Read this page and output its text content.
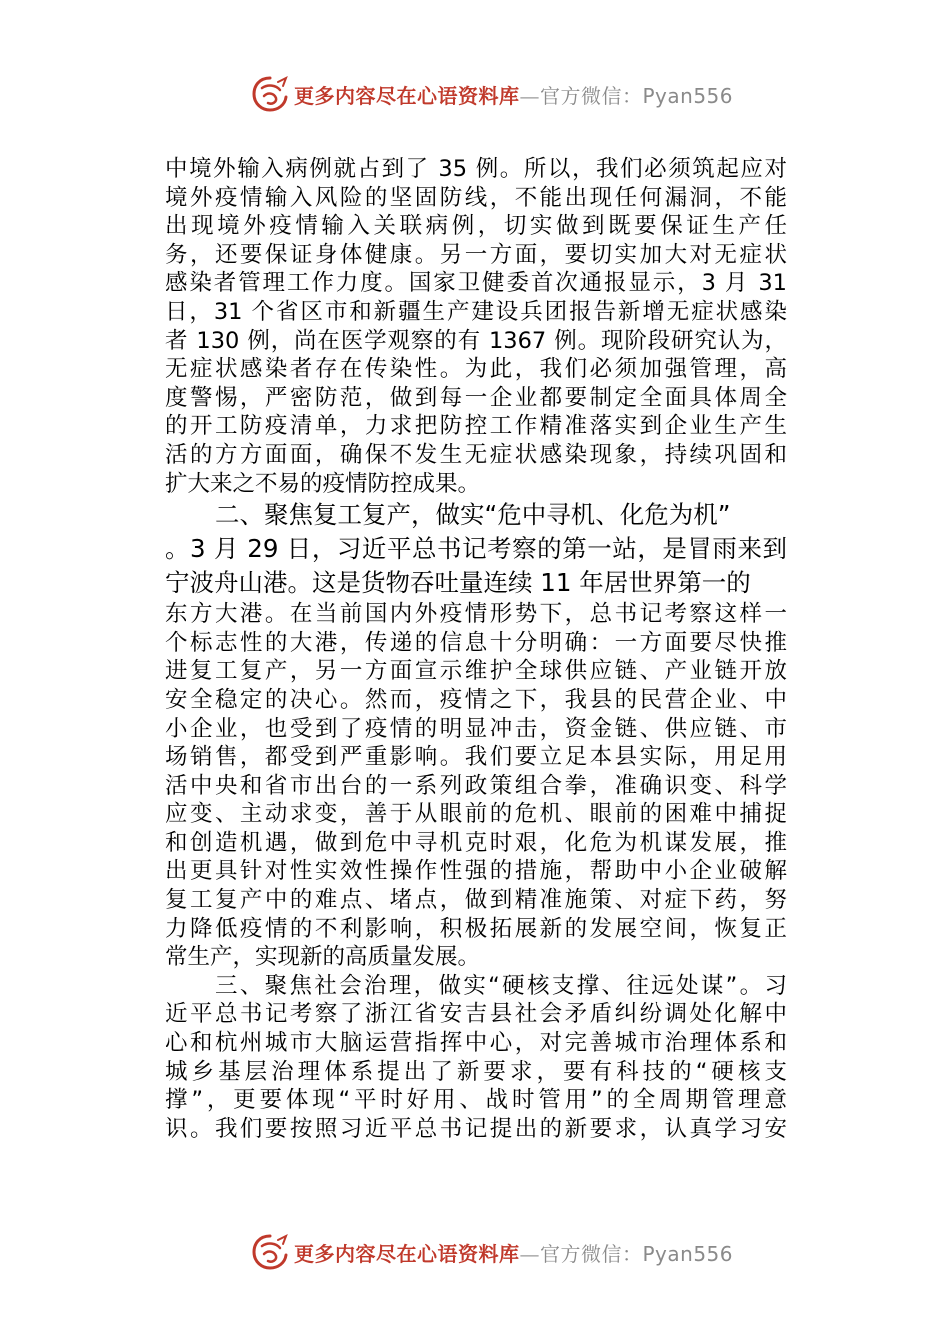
更多内容尽在心语资料库—官方微信：Pyan556
中境外输入病例就占到了 35 例。所以，我们必须筑起应对
境外疫情输入风险的坚固防线，不能出现任何漏洞，不能
出现境外疫情输入关联病例，切实做到既要保证生产任
务，还要保证身体健康。另一方面，要切实加大对无症状
感染者管理工作力度。国家卫健委首次通报显示，3 月 31
日，31 个省区市和新疆生产建设兵团报告新增无症状感染
者 130 例，尚在医学观察的有 1367 例。现阶段研究认为，
无症状感染者存在传染性。为此，我们必须加强管理，高
度警惕，严密防范，做到每一企业都要制定全面具体周全
的开工防疫清单，力求把防控工作精准落实到企业生产生
活的方方面面，确保不发生无症状感染现象，持续巩固和
扩大来之不易的疫情防控成果。
二、聚焦复工复产，做实“危中寻机、化危为机”
。3 月 29 日，习近平总书记考察的第一站，是冒雨来到
宁波舟山港。这是货物吞吐量连续 11 年居世界第一的
东方大港。在当前国内外疫情形势下，总书记考察这样一
个标志性的大港，传递的信息十分明确：一方面要尽快推
进复工复产，另一方面宣示维护全球供应链、产业链开放
安全稳定的决心。然而，疫情之下，我县的民营企业、中
小企业，也受到了疫情的明显冲击，资金链、供应链、市
场销售，都受到严重影响。我们要立足本县实际，用足用
活中央和省市出台的一系列政策组合拳，准确识变、科学
应变、主动求变，善于从眼前的危机、眼前的困难中捕捉
和创造机遇，做到危中寻机克时艰，化危为机谋发展，推
出更具针对性实效性操作性强的措施，帮助中小企业破解
复工复产中的难点、堵点，做到精准施策、对症下药，努
力降低疫情的不利影响，积极拓展新的发展空间，恢复正
常生产，实现新的高质量发展。
三、聚焦社会治理，做实“硬核支撑、往远处谋”。习
近平总书记考察了浙江省安吉县社会矛盾纠纷调处化解中
心和杭州城市大脑运营指挥中心，对完善城市治理体系和
城乡基层治理体系提出了新要求，要有科技的“硬核支
撑”，更要体现“平时好用、战时管用”的全周期管理意
识。我们要按照习近平总书记提出的新要求，认真学习安
更多内容尽在心语资料库—官方微信：Pyan556
